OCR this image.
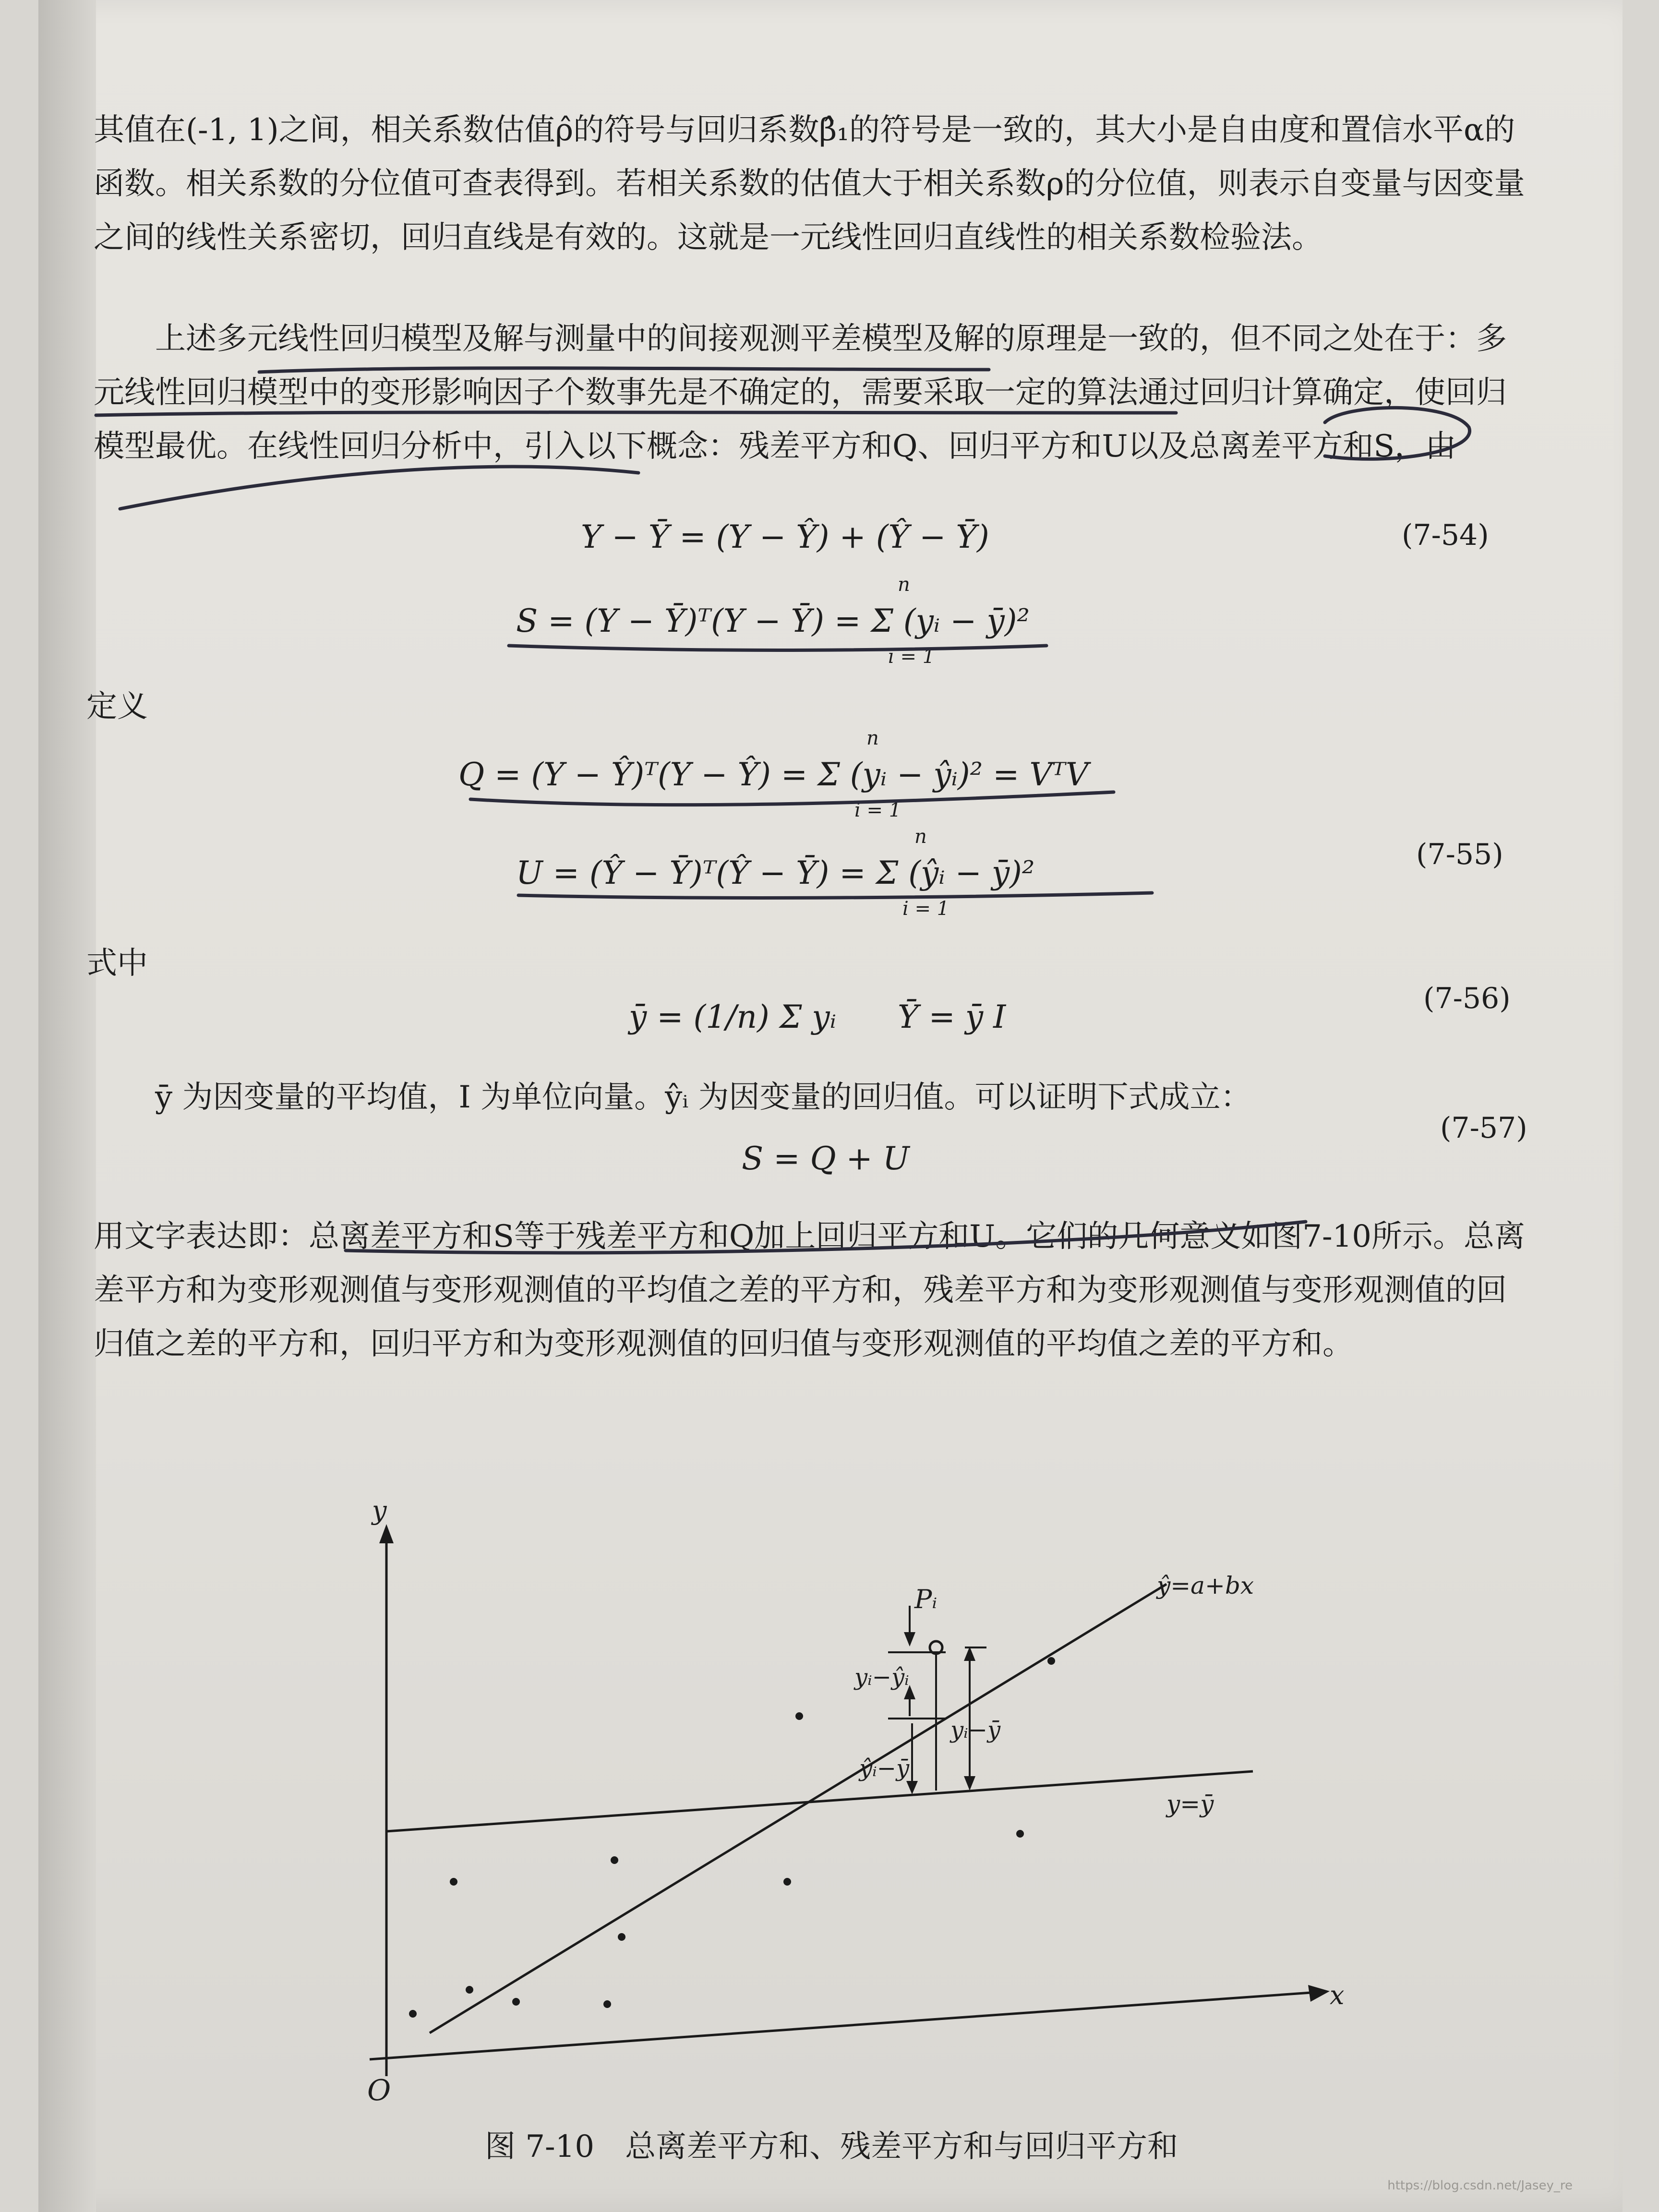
其值在(-1, 1)之间，相关系数估值ρ̂的符号与回归系数β̂₁的符号是一致的，其大小是自由度和置信水平α的函数。相关系数的分位值可查表得到。若相关系数的估值大于相关系数ρ的分位值，则表示自变量与因变量之间的线性关系密切，回归直线是有效的。这就是一元线性回归直线性的相关系数检验法。

上述多元线性回归模型及解与测量中的间接观测平差模型及解的原理是一致的，但不同之处在于：多元线性回归模型中的变形影响因子个数事先是不确定的，需要采取一定的算法通过回归计算确定，使回归模型最优。在线性回归分析中，引入以下概念：残差平方和Q、回归平方和U以及总离差平方和S，由

Y − Ȳ = (Y − Ŷ) + (Ŷ − Ȳ)	(7-54)
S = (Y − Ȳ)ᵀ(Y − Ȳ) = Σ (yᵢ − ȳ)²
n
i = 1
定义
Q = (Y − Ŷ)ᵀ(Y − Ŷ) = Σ (yᵢ − ŷᵢ)² = VᵀV
n
i = 1
U = (Ŷ − Ȳ)ᵀ(Ŷ − Ȳ) = Σ (ŷᵢ − ȳ)²
n
i = 1
(7-55)
式中
ȳ = (1/n) Σ yᵢ Ȳ = ȳ I	(7-56)

ȳ 为因变量的平均值，I 为单位向量。ŷᵢ 为因变量的回归值。可以证明下式成立：

(7-57)
S = Q + U

用文字表达即：总离差平方和S等于残差平方和Q加上回归平方和U。它们的几何意义如图7-10所示。总离差平方和为变形观测值与变形观测值的平均值之差的平方和，残差平方和为变形观测值与变形观测值的回归值之差的平方和，回归平方和为变形观测值的回归值与变形观测值的平均值之差的平方和。

O
x
y
y=ȳ
ŷ=a+bx
Pᵢ
yᵢ−ŷᵢ
ŷᵢ−ȳ
yᵢ−ȳ
图 7-10　总离差平方和、残差平方和与回归平方和
https://blog.csdn.net/Jasey_re
